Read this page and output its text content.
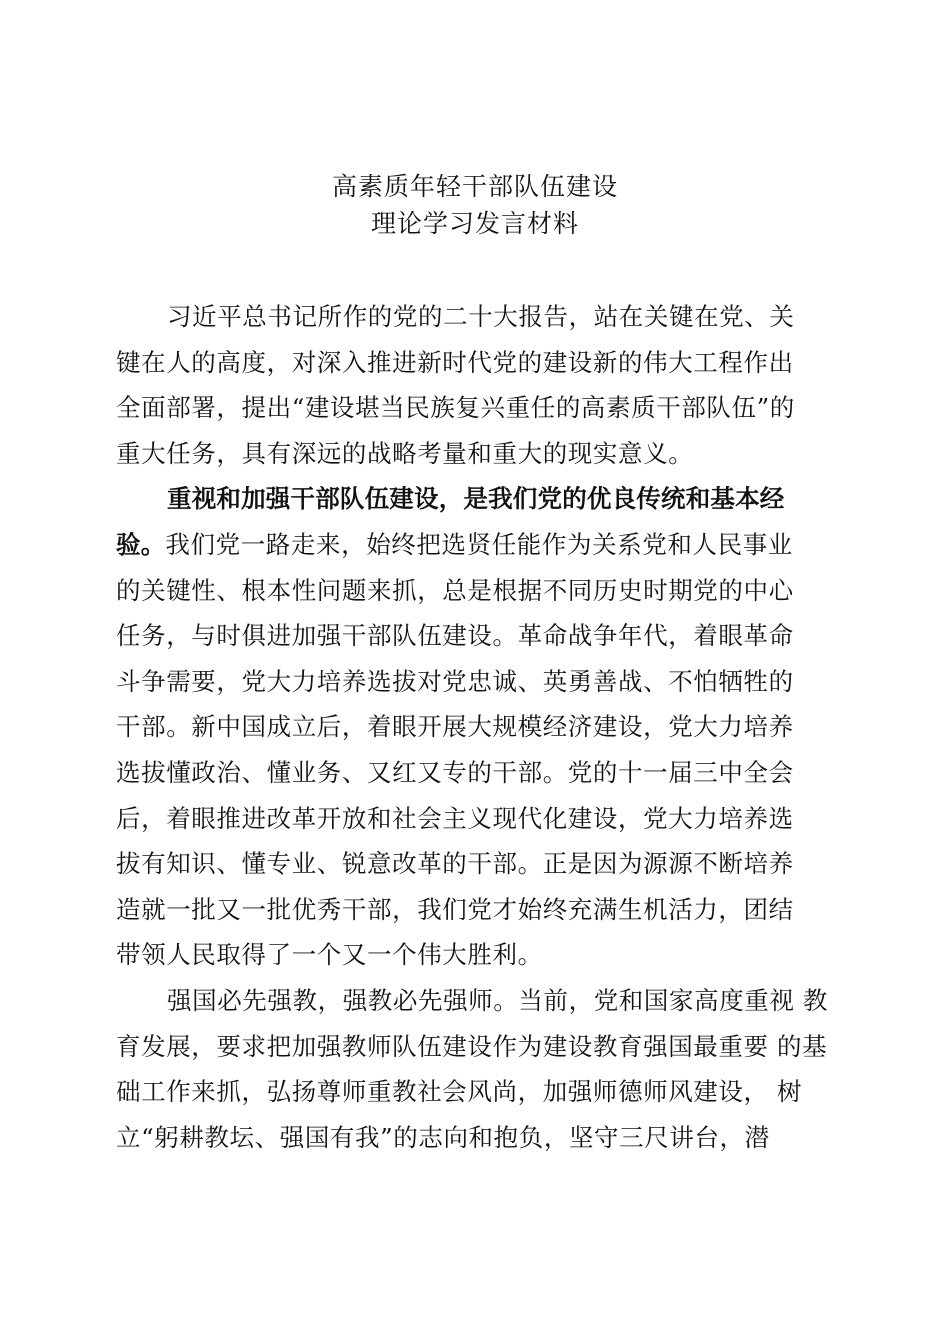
高素质年轻干部队伍建设
理论学习发言材料
习近平总书记所作的党的二十大报告，站在关键在党、关
键在人的高度，对深入推进新时代党的建设新的伟大工程作出
全面部署，提出“建设堪当民族复兴重任的高素质干部队伍”的
重大任务，具有深远的战略考量和重大的现实意义。
重视和加强干部队伍建设，是我们党的优良传统和基本经
验。我们党一路走来，始终把选贤任能作为关系党和人民事业
的关键性、根本性问题来抓，总是根据不同历史时期党的中心
任务，与时俱进加强干部队伍建设。革命战争年代，着眼革命
斗争需要，党大力培养选拔对党忠诚、英勇善战、不怕牺牲的
干部。新中国成立后，着眼开展大规模经济建设，党大力培养
选拔懂政治、懂业务、又红又专的干部。党的十一届三中全会
后，着眼推进改革开放和社会主义现代化建设，党大力培养选
拔有知识、懂专业、锐意改革的干部。正是因为源源不断培养
造就一批又一批优秀干部，我们党才始终充满生机活力，团结
带领人民取得了一个又一个伟大胜利。
强国必先强教，强教必先强师。当前，党和国家高度重视 教
育发展，要求把加强教师队伍建设作为建设教育强国最重要 的基
础工作来抓，弘扬尊师重教社会风尚，加强师德师风建设， 树
立“躬耕教坛、强国有我”的志向和抱负，坚守三尺讲台，潜
